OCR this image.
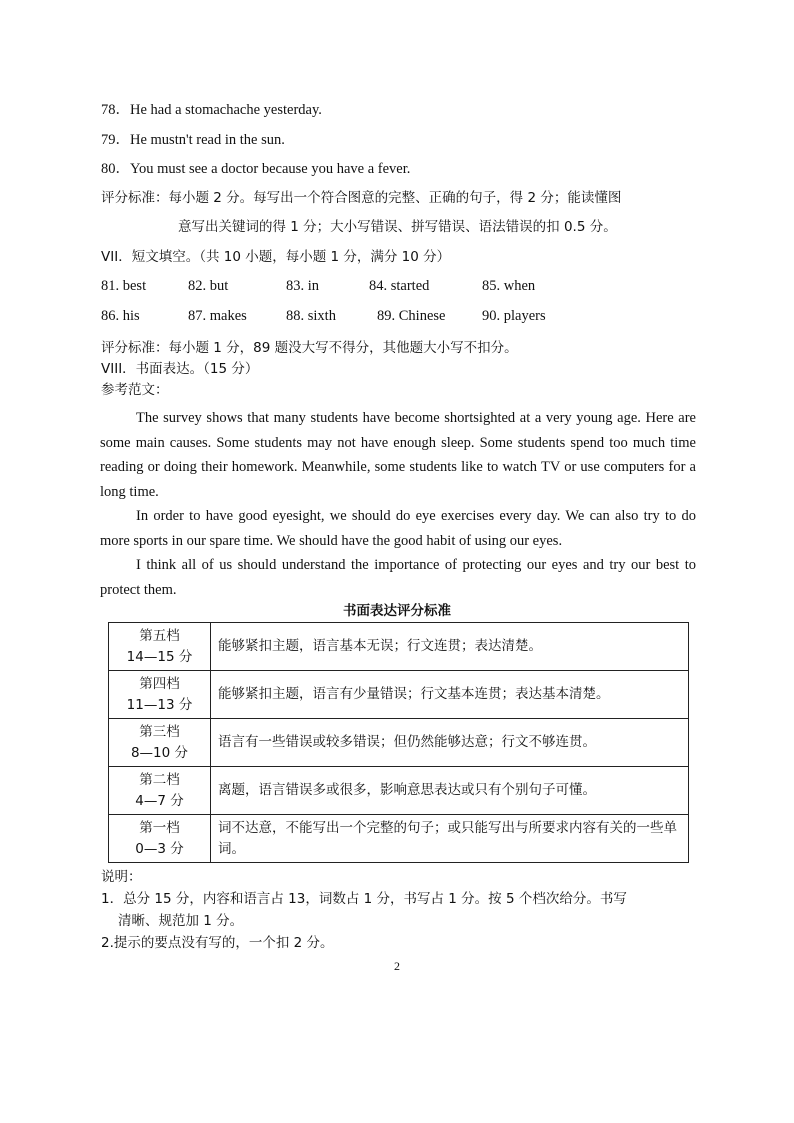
78．He had a stomachache yesterday.
79．He mustn't read in the sun.
80．You must see a doctor because you have a fever.
评分标准：每小题 2 分。每写出一个符合图意的完整、正确的句子，得 2 分；能读懂图
意写出关键词的得 1 分；大小写错误、拼写错误、语法错误的扣 0.5 分。
VII．短文填空。（共 10 小题，每小题 1 分，满分 10 分）
81. best	82. but	83. in	84. started	85. when
86. his	87. makes	88. sixth	89. Chinese	90. players
评分标准：每小题 1 分，89 题没大写不得分，其他题大小写不扣分。
VIII．书面表达。（15 分）
参考范文：
The survey shows that many students have become shortsighted at a very young age. Here are some main causes. Some students may not have enough sleep. Some students spend too much time reading or doing their homework. Meanwhile, some students like to watch TV or use computers for a long time.
In order to have good eyesight, we should do eye exercises every day. We can also try to do more sports in our spare time. We should have the good habit of using our eyes.
I think all of us should understand the importance of protecting our eyes and try our best to protect them.
书面表达评分标准
第五档
14—15 分	能够紧扣主题，语言基本无误；行文连贯；表达清楚。

第四档
11—13 分	能够紧扣主题，语言有少量错误；行文基本连贯；表达基本清楚。

第三档
8—10 分	语言有一些错误或较多错误；但仍然能够达意；行文不够连贯。

第二档
4—7 分	离题，语言错误多或很多，影响意思表达或只有个别句子可懂。

第一档
0—3 分	词不达意，不能写出一个完整的句子；或只能写出与所要求内容有关的一些单词。
说明：
1．总分 15 分，内容和语言占 13，词数占 1 分，书写占 1 分。按 5 个档次给分。书写
清晰、规范加 1 分。
2.提示的要点没有写的，一个扣 2 分。
2
